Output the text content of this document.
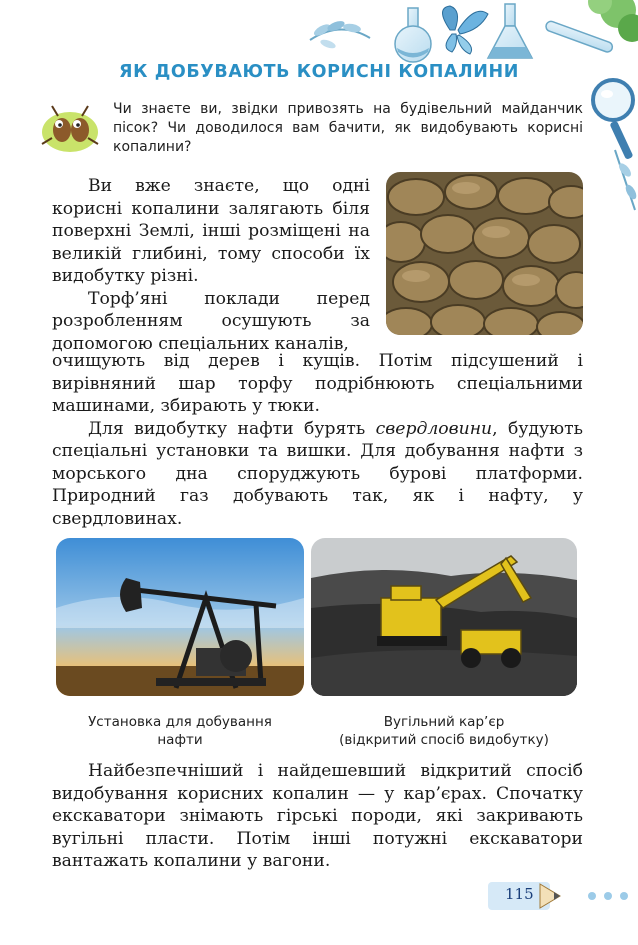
ЯК ДОБУВАЮТЬ КОРИСНІ КОПАЛИНИ

Чи знаєте ви, звідки привозять на будівельний майданчик пісок? Чи доводилося вам бачити, як видобувають корисні копалини?

Ви вже знаєте, що одні корисні копалини залягають біля поверхні Землі, інші розміщені на великій глибині, тому способи їх видобутку різні.

Торф’яні поклади перед розробленням осушують за допомогою спеціальних каналів,

очищують від дерев і кущів. Потім підсушений і вирівняний шар торфу подрібнюють спеціальними машинами, збирають у тюки.

Для видобутку нафти бурять свердловини, будують спеціальні установки та вишки. Для добування нафти з морського дна споруджують бурові платформи. Природний газ добувають так, як і нафту, у свердловинах.

Установка для добування
нафти
Вугільний кар’єр
(відкритий спосіб видобутку)

Найбезпечніший і найдешевший відкритий спосіб видобування корисних копалин — у кар’єрах. Спочатку екскаватори знімають гірські породи, які закривають вугільні пласти. Потім інші потужні екскаватори вантажать копалини у вагони.

115
